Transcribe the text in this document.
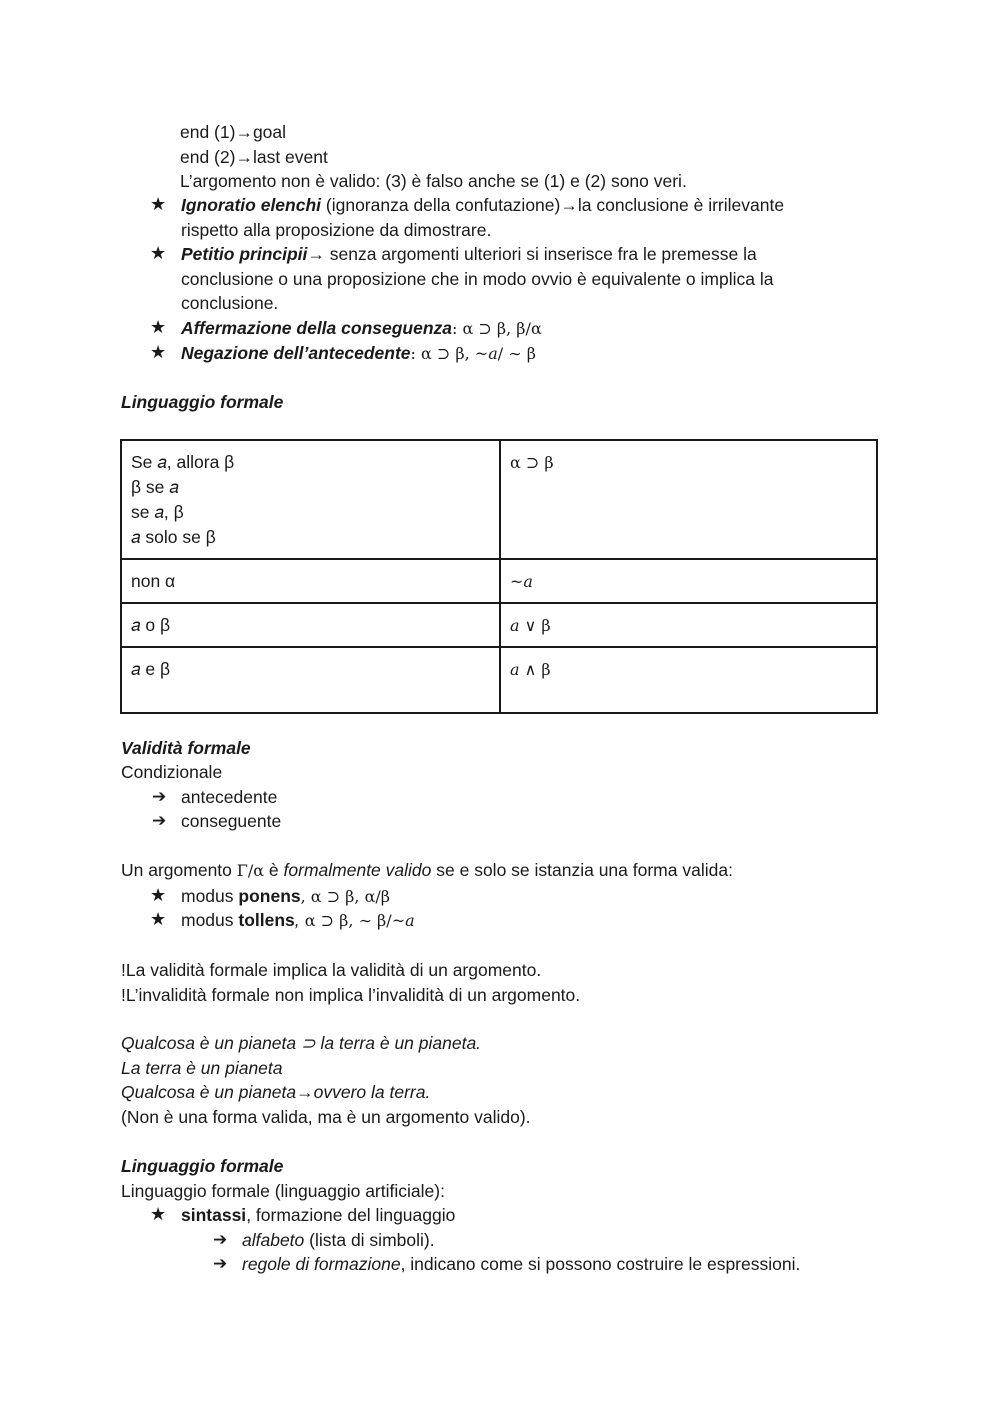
end (1)→goal
end (2)→last event
L’argomento non è valido: (3) è falso anche se (1) e (2) sono veri.
★ Ignoratio elenchi (ignoranza della confutazione)→la conclusione è irrilevante
rispetto alla proposizione da dimostrare.
★ Petitio principii→ senza argomenti ulteriori si inserisce fra le premesse la
conclusione o una proposizione che in modo ovvio è equivalente o implica la
conclusione.
★ Affermazione della conseguenza: α ⊃ β, β/α
★ Negazione dell’antecedente: α ⊃ β, ~𝑎/ ∼ β
Linguaggio formale
Se 𝑎, allora β
β se 𝑎
se 𝑎, β
𝑎 solo se β	α ⊃ β

non α	~𝑎

𝑎 o β	𝑎 ∨ β

𝑎 e β	𝑎 ∧ β
Validità formale
Condizionale
➔ antecedente
➔ conseguente
Un argomento Γ/α è formalmente valido se e solo se istanzia una forma valida:
★ modus ponens, α ⊃ β, α/β
★ modus tollens, α ⊃ β, ∼ β/~𝑎
!La validità formale implica la validità di un argomento.
!L’invalidità formale non implica l’invalidità di un argomento.
Qualcosa è un pianeta ⊃ la terra è un pianeta.
La terra è un pianeta
Qualcosa è un pianeta→ovvero la terra.
(Non è una forma valida, ma è un argomento valido).
Linguaggio formale
Linguaggio formale (linguaggio artificiale):
★ sintassi, formazione del linguaggio
➔ alfabeto (lista di simboli).
➔ regole di formazione, indicano come si possono costruire le espressioni.
